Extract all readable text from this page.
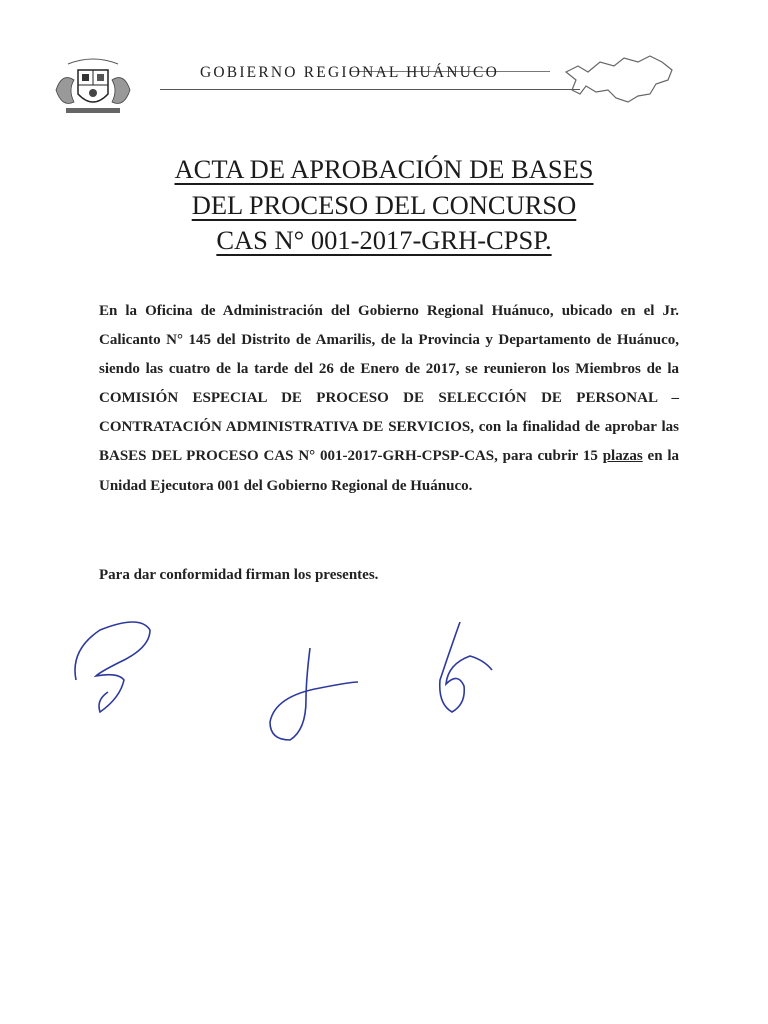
GOBIERNO REGIONAL HUÁNUCO
ACTA DE APROBACIÓN DE BASES
DEL PROCESO DEL CONCURSO
CAS N° 001-2017-GRH-CPSP.
En la Oficina de Administración del Gobierno Regional Huánuco, ubicado en el Jr. Calicanto N° 145 del Distrito de Amarilis, de la Provincia y Departamento de Huánuco, siendo las cuatro de la tarde del 26 de Enero de 2017, se reunieron los Miembros de la COMISIÓN ESPECIAL DE PROCESO DE SELECCIÓN DE PERSONAL – CONTRATACIÓN ADMINISTRATIVA DE SERVICIOS, con la finalidad de aprobar las BASES DEL PROCESO CAS N° 001-2017-GRH-CPSP-CAS, para cubrir 15 plazas en la Unidad Ejecutora 001 del Gobierno Regional de Huánuco.
Para dar conformidad firman los presentes.
